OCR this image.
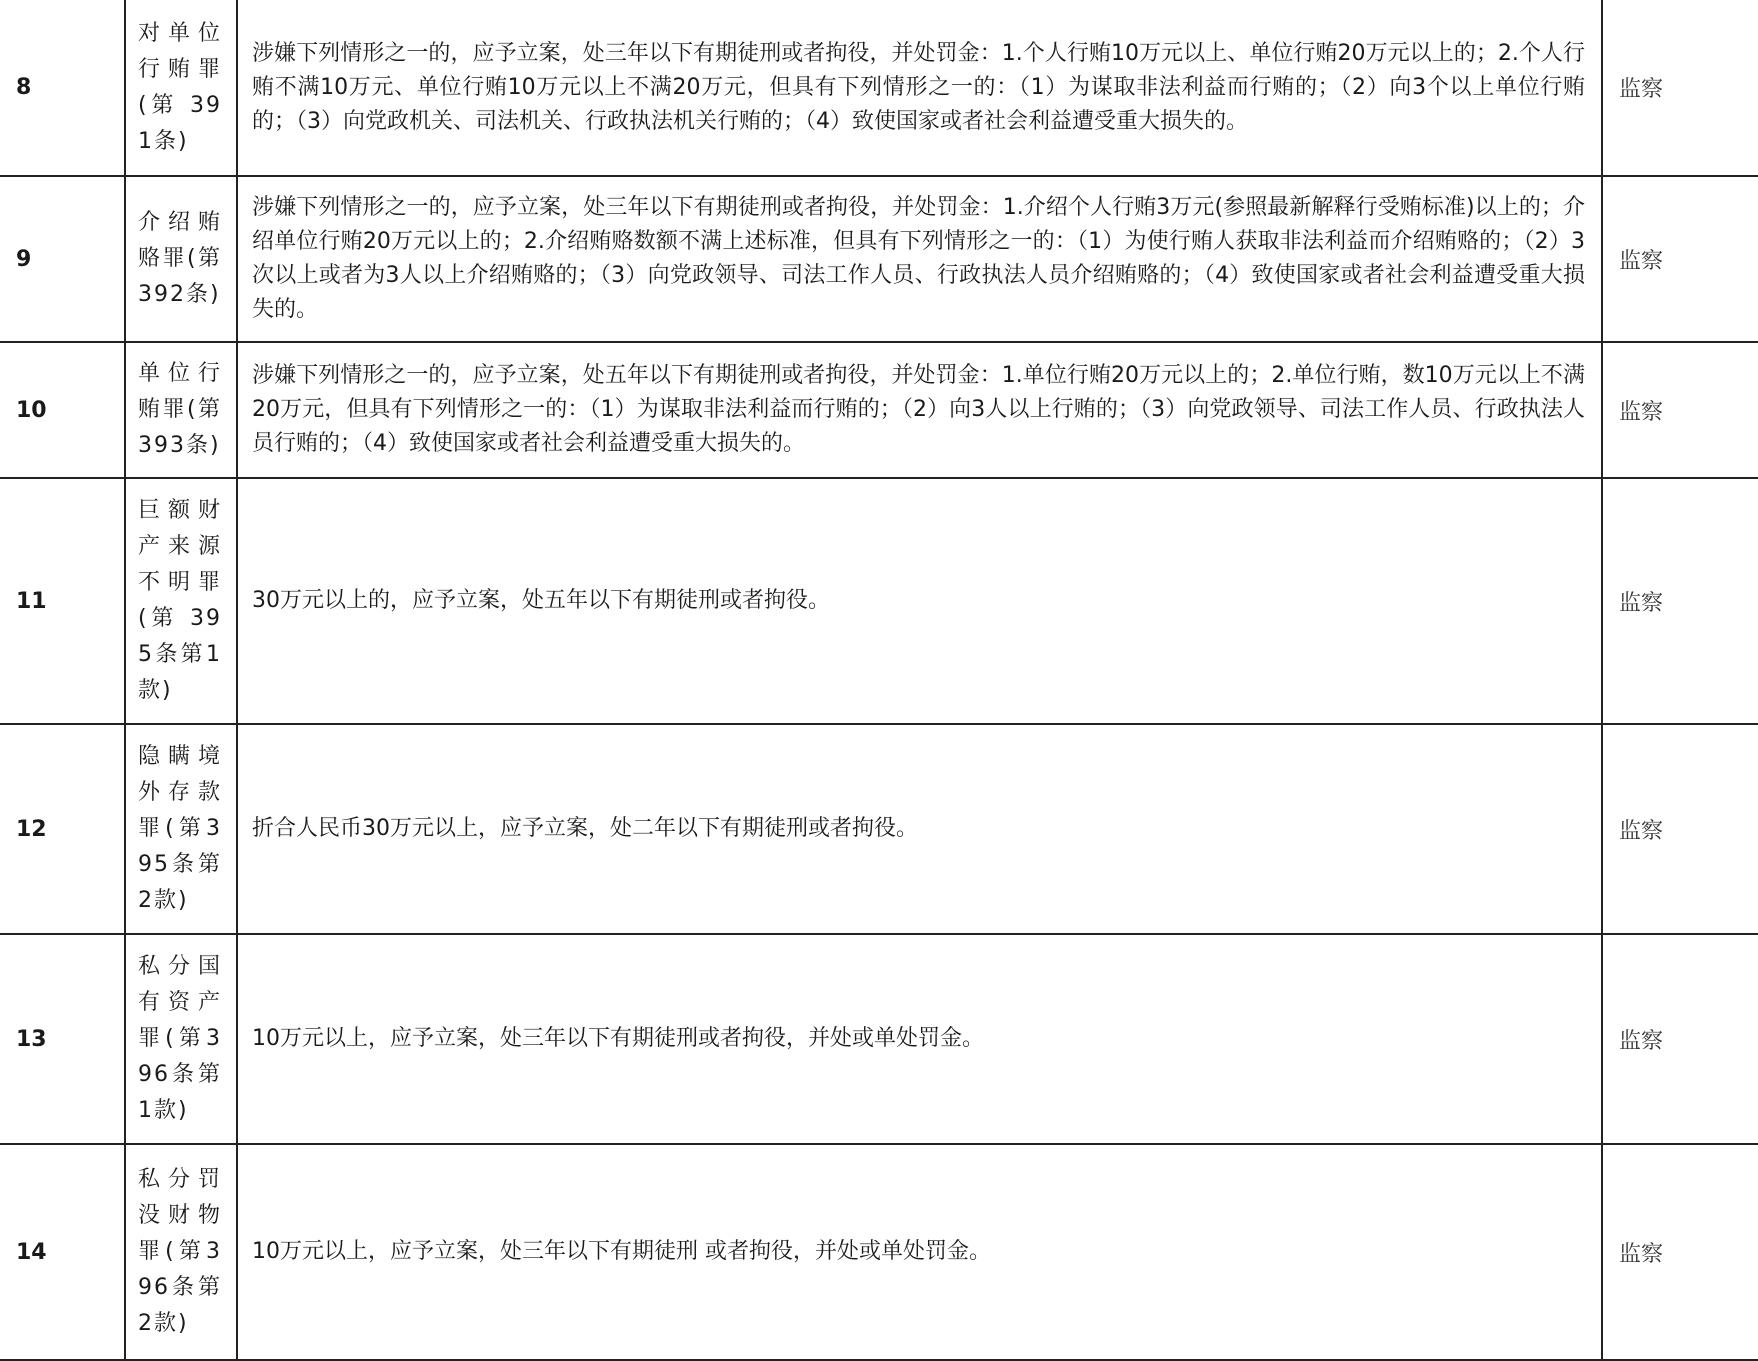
8	对单位行贿罪(第 391条)	涉嫌下列情形之一的，应予立案，处三年以下有期徒刑或者拘役，并处罚金：1.个人行贿10万元以上、单位行贿20万元以上的；2.个人行贿不满10万元、单位行贿10万元以上不满20万元，但具有下列情形之一的：（1）为谋取非法利益而行贿的；（2）向3个以上单位行贿的；（3）向党政机关、司法机关、行政执法机关行贿的；（4）致使国家或者社会利益遭受重大损失的。	监察
9	介绍贿赂罪(第392条)	涉嫌下列情形之一的，应予立案，处三年以下有期徒刑或者拘役，并处罚金：1.介绍个人行贿3万元(参照最新解释行受贿标准)以上的；介绍单位行贿20万元以上的；2.介绍贿赂数额不满上述标准，但具有下列情形之一的：（1）为使行贿人获取非法利益而介绍贿赂的；（2）3次以上或者为3人以上介绍贿赂的；（3）向党政领导、司法工作人员、行政执法人员介绍贿赂的；（4）致使国家或者社会利益遭受重大损失的。	监察
10	单位行贿罪(第393条)	涉嫌下列情形之一的，应予立案，处五年以下有期徒刑或者拘役，并处罚金：1.单位行贿20万元以上的；2.单位行贿，数10万元以上不满20万元，但具有下列情形之一的：（1）为谋取非法利益而行贿的；（2）向3人以上行贿的；（3）向党政领导、司法工作人员、行政执法人员行贿的；（4）致使国家或者社会利益遭受重大损失的。	监察
11	巨额财产来源不明罪(第 395条第1款)	30万元以上的，应予立案，处五年以下有期徒刑或者拘役。	监察
12	隐瞒境外存款罪(第395条第2款)	折合人民币30万元以上，应予立案，处二年以下有期徒刑或者拘役。	监察
13	私分国有资产罪(第396条第1款)	10万元以上，应予立案，处三年以下有期徒刑或者拘役，并处或单处罚金。	监察
14	私分罚没财物罪(第396条第2款)	10万元以上，应予立案，处三年以下有期徒刑 或者拘役，并处或单处罚金。	监察
